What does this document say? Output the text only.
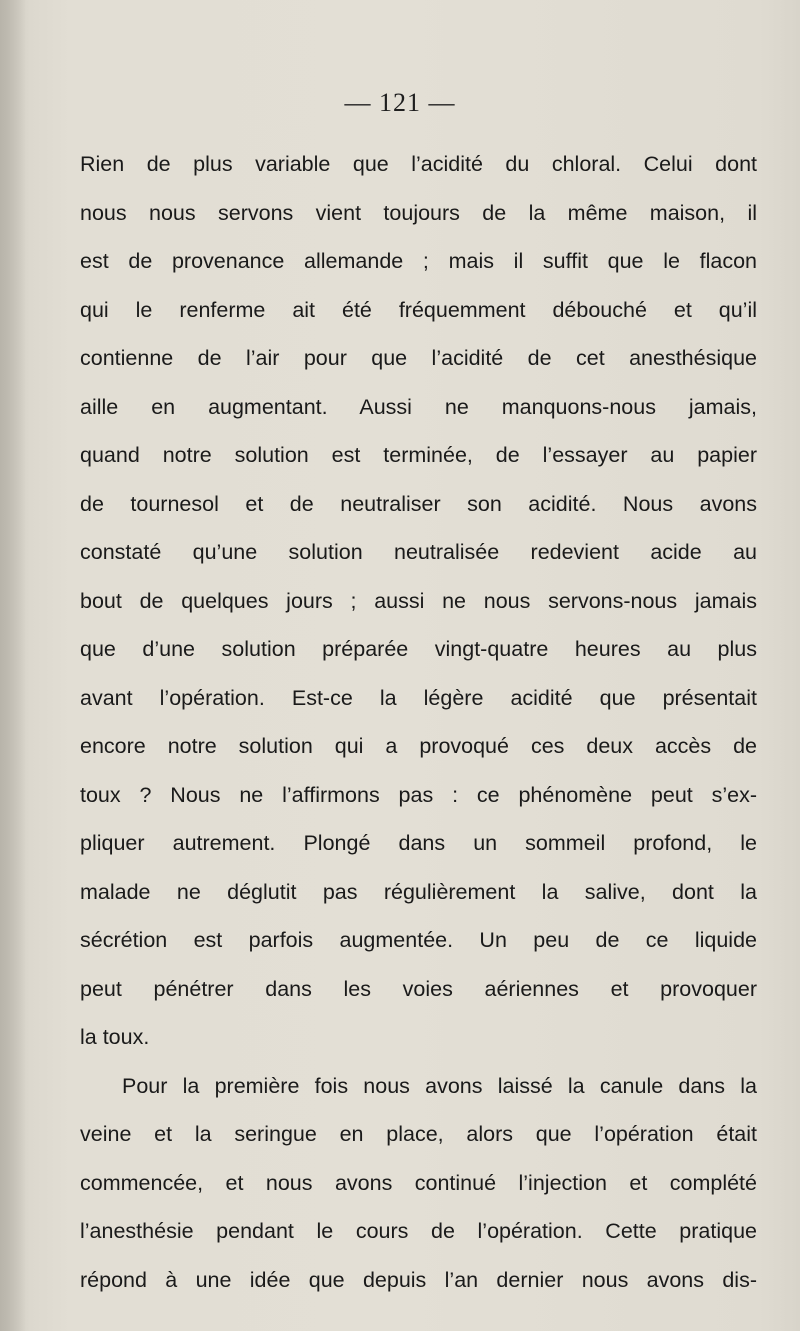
— 121 —
Rien de plus variable que l’acidité du chloral. Celui dont
nous nous servons vient toujours de la même maison, il
est de provenance allemande ; mais il suffit que le flacon
qui le renferme ait été fréquemment débouché et qu’il
contienne de l’air pour que l’acidité de cet anesthésique
aille en augmentant. Aussi ne manquons-nous jamais,
quand notre solution est terminée, de l’essayer au papier
de tournesol et de neutraliser son acidité. Nous avons
constaté qu’une solution neutralisée redevient acide au
bout de quelques jours ; aussi ne nous servons-nous jamais
que d’une solution préparée vingt-quatre heures au plus
avant l’opération. Est-ce la légère acidité que présentait
encore notre solution qui a provoqué ces deux accès de
toux ? Nous ne l’affirmons pas : ce phénomène peut s’ex-
pliquer autrement. Plongé dans un sommeil profond, le
malade ne déglutit pas régulièrement la salive, dont la
sécrétion est parfois augmentée. Un peu de ce liquide
peut pénétrer dans les voies aériennes et provoquer
la toux.
Pour la première fois nous avons laissé la canule dans la
veine et la seringue en place, alors que l’opération était
commencée, et nous avons continué l’injection et complété
l’anesthésie pendant le cours de l’opération. Cette pratique
répond à une idée que depuis l’an dernier nous avons dis-
